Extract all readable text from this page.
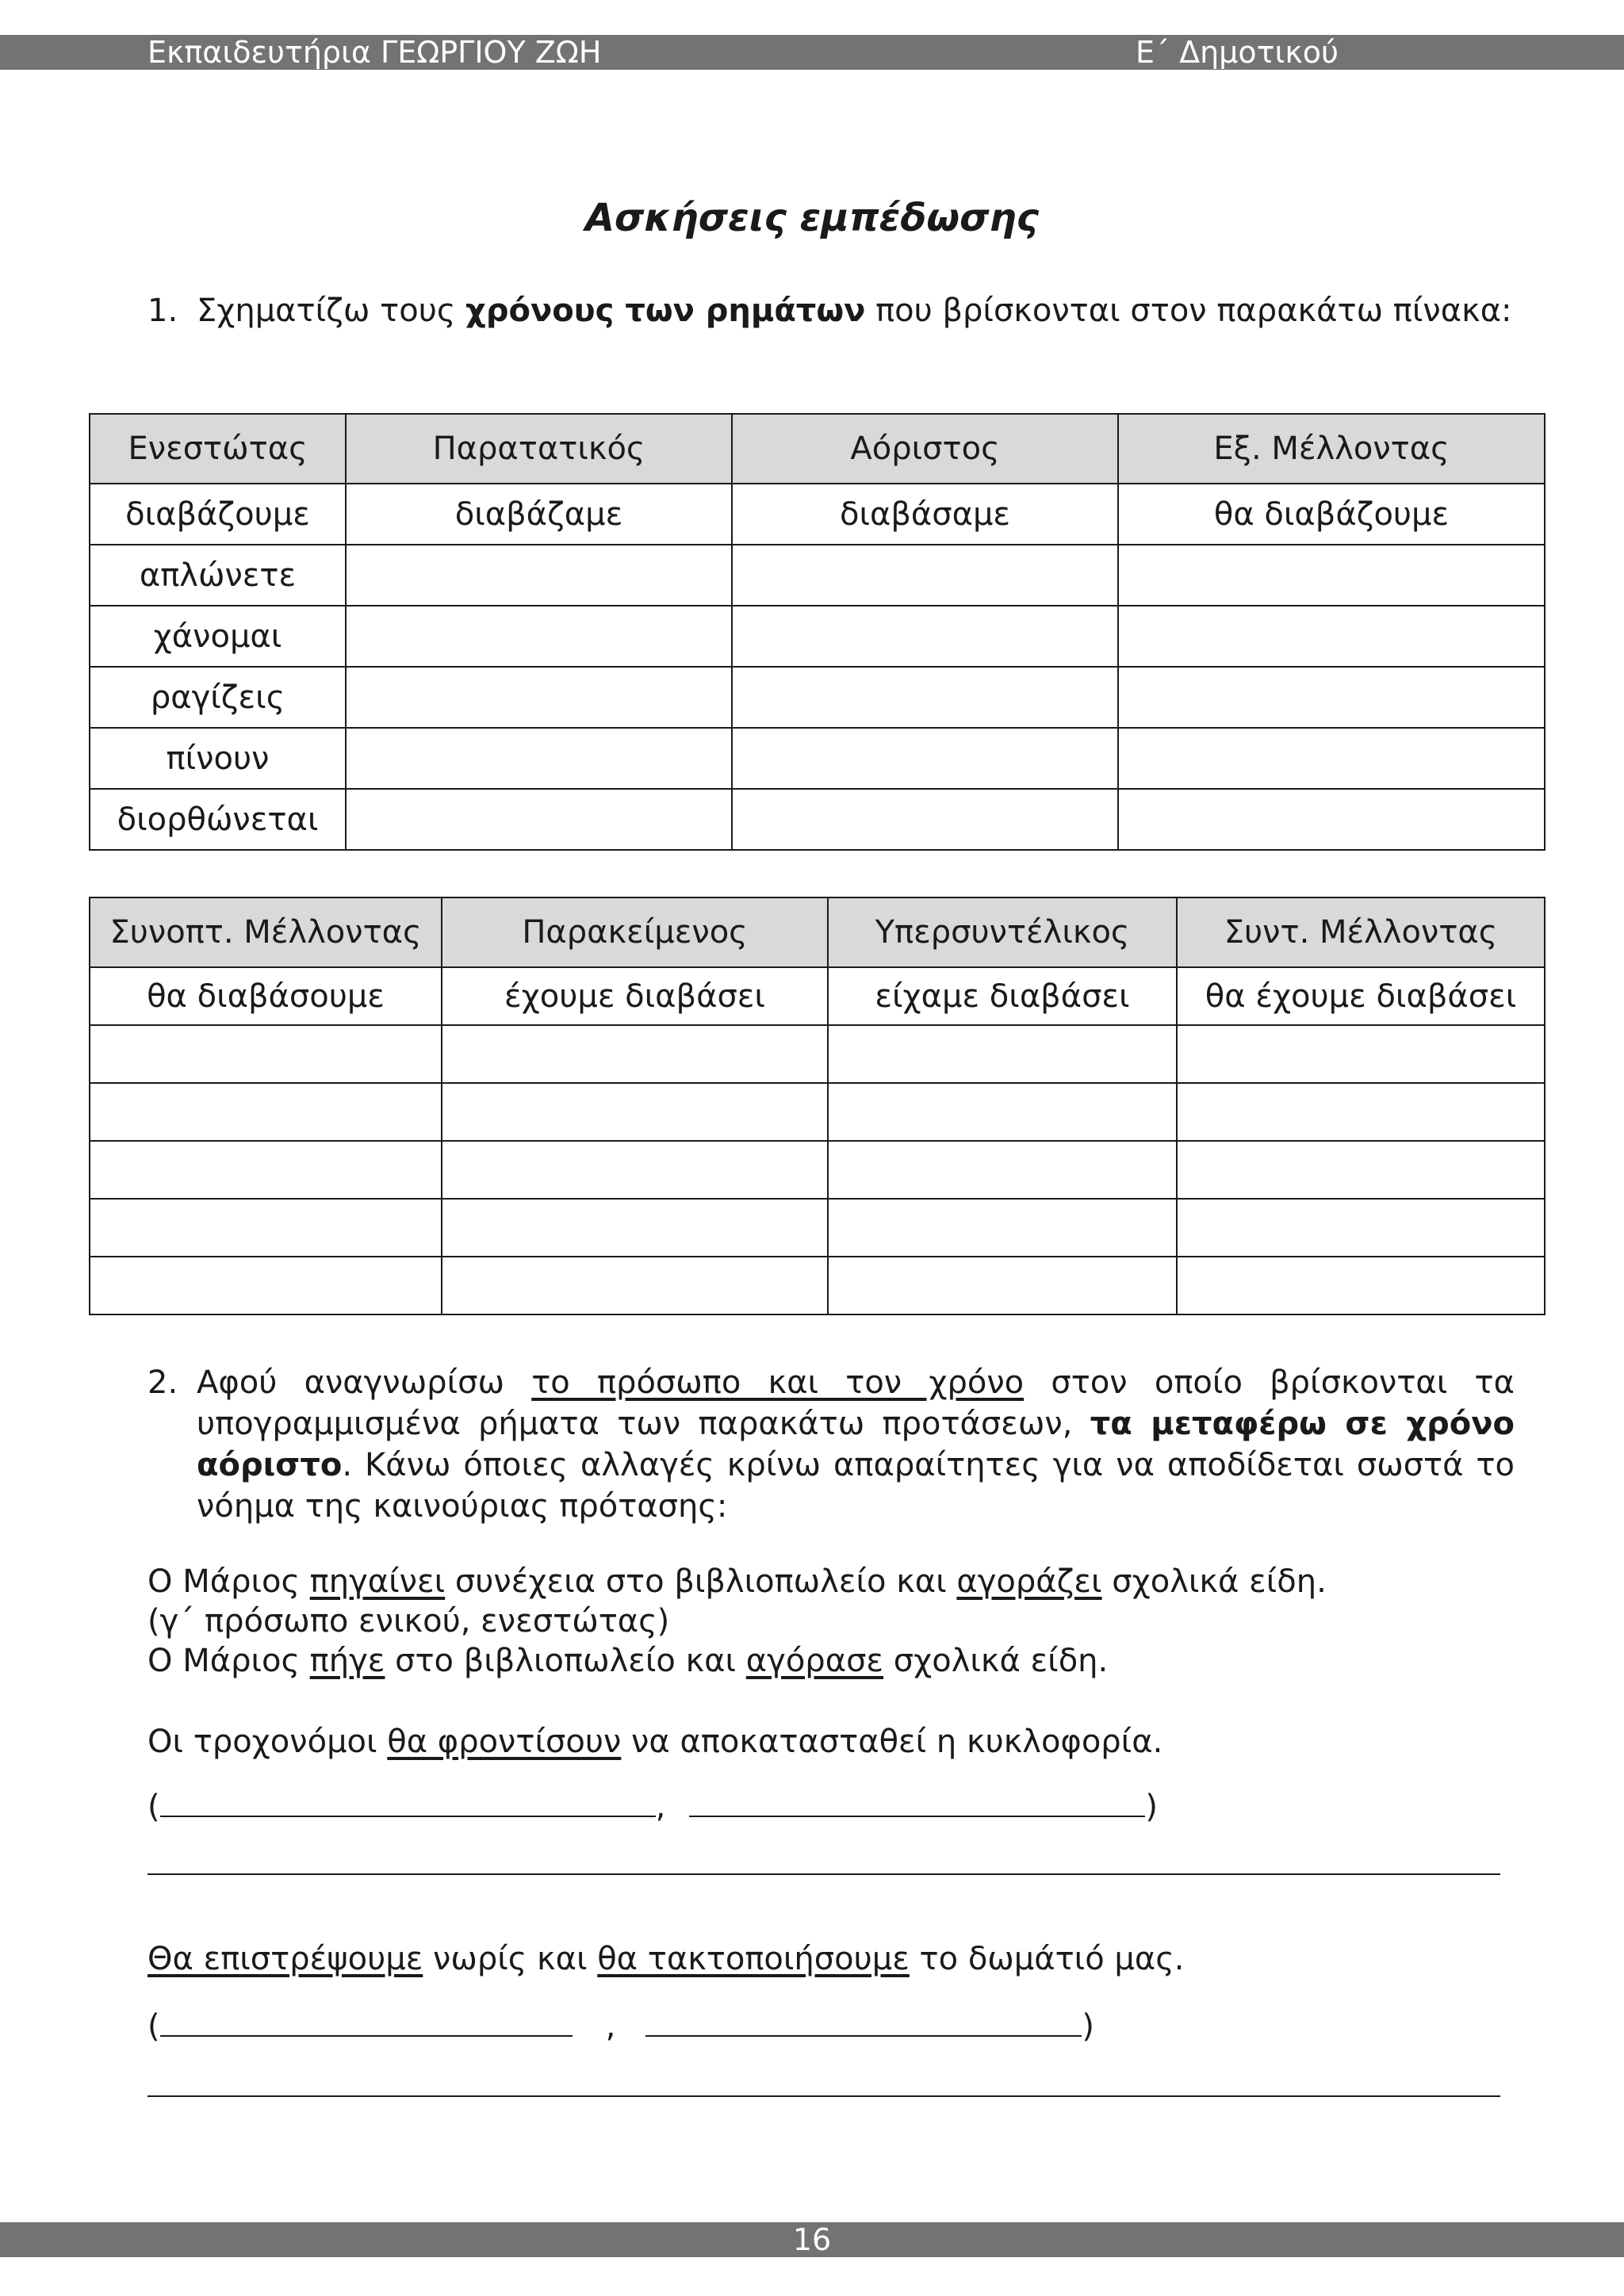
Εκπαιδευτήρια ΓΕΩΡΓΙΟΥ ΖΩΗ	Ε΄ Δημοτικού
Ασκήσεις εμπέδωσης
1. Σχηματίζω τους χρόνους των ρημάτων που βρίσκονται στον παρακάτω πίνακα:
Ενεστώτας	Παρατατικός	Αόριστος	Εξ. Μέλλοντας
διαβάζουμε	διαβάζαμε	διαβάσαμε	θα διαβάζουμε
απλώνετε			
χάνομαι			
ραγίζεις			
πίνουν			
διορθώνεται			
Συνοπτ. Μέλλοντας	Παρακείμενος	Υπερσυντέλικος	Συντ. Μέλλοντας
θα διαβάσουμε	έχουμε διαβάσει	είχαμε διαβάσει	θα έχουμε διαβάσει

2. Αφού αναγνωρίσω το πρόσωπο και τον χρόνο στον οποίο βρίσκονται τα υπογραμμισμένα ρήματα των παρακάτω προτάσεων, τα μεταφέρω σε χρόνο αόριστο. Κάνω όποιες αλλαγές κρίνω απαραίτητες για να αποδίδεται σωστά το νόημα της καινούριας πρότασης:
Ο Μάριος πηγαίνει συνέχεια στο βιβλιοπωλείο και αγοράζει σχολικά είδη.
(γ΄ πρόσωπο ενικού, ενεστώτας)
Ο Μάριος πήγε στο βιβλιοπωλείο και αγόρασε σχολικά είδη.
Οι τροχονόμοι θα φροντίσουν να αποκατασταθεί η κυκλοφορία.
(	,	)
Θα επιστρέψουμε νωρίς και θα τακτοποιήσουμε το δωμάτιό μας.
(	,	)
16
